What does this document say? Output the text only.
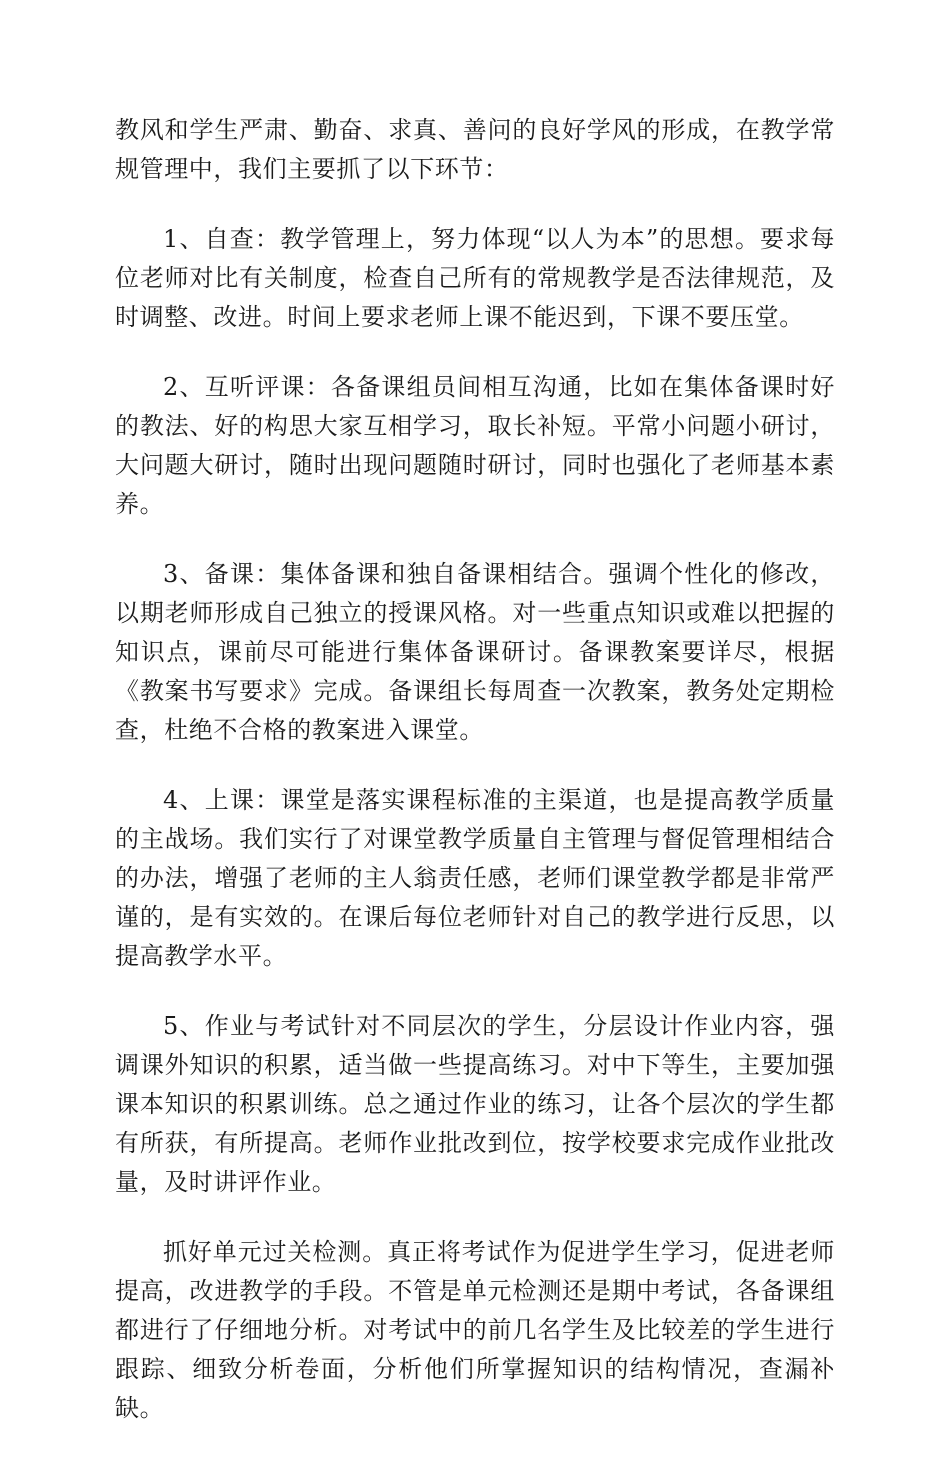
教风和学生严肃、勤奋、求真、善问的良好学风的形成，在教学常规管理中，我们主要抓了以下环节：

1、自查：教学管理上，努力体现“以人为本”的思想。要求每位老师对比有关制度，检查自己所有的常规教学是否法律规范，及时调整、改进。时间上要求老师上课不能迟到，下课不要压堂。

2、互听评课：各备课组员间相互沟通，比如在集体备课时好的教法、好的构思大家互相学习，取长补短。平常小问题小研讨，大问题大研讨，随时出现问题随时研讨，同时也强化了老师基本素养。

3、备课：集体备课和独自备课相结合。强调个性化的修改，以期老师形成自己独立的授课风格。对一些重点知识或难以把握的知识点，课前尽可能进行集体备课研讨。备课教案要详尽，根据《教案书写要求》完成。备课组长每周查一次教案，教务处定期检查，杜绝不合格的教案进入课堂。

4、上课：课堂是落实课程标准的主渠道，也是提高教学质量的主战场。我们实行了对课堂教学质量自主管理与督促管理相结合的办法，增强了老师的主人翁责任感，老师们课堂教学都是非常严谨的，是有实效的。在课后每位老师针对自己的教学进行反思，以提高教学水平。

5、作业与考试针对不同层次的学生，分层设计作业内容，强调课外知识的积累，适当做一些提高练习。对中下等生，主要加强课本知识的积累训练。总之通过作业的练习，让各个层次的学生都有所获，有所提高。老师作业批改到位，按学校要求完成作业批改量，及时讲评作业。

抓好单元过关检测。真正将考试作为促进学生学习，促进老师提高，改进教学的手段。不管是单元检测还是期中考试，各备课组都进行了仔细地分析。对考试中的前几名学生及比较差的学生进行跟踪、细致分析卷面，分析他们所掌握知识的结构情况，查漏补缺。
